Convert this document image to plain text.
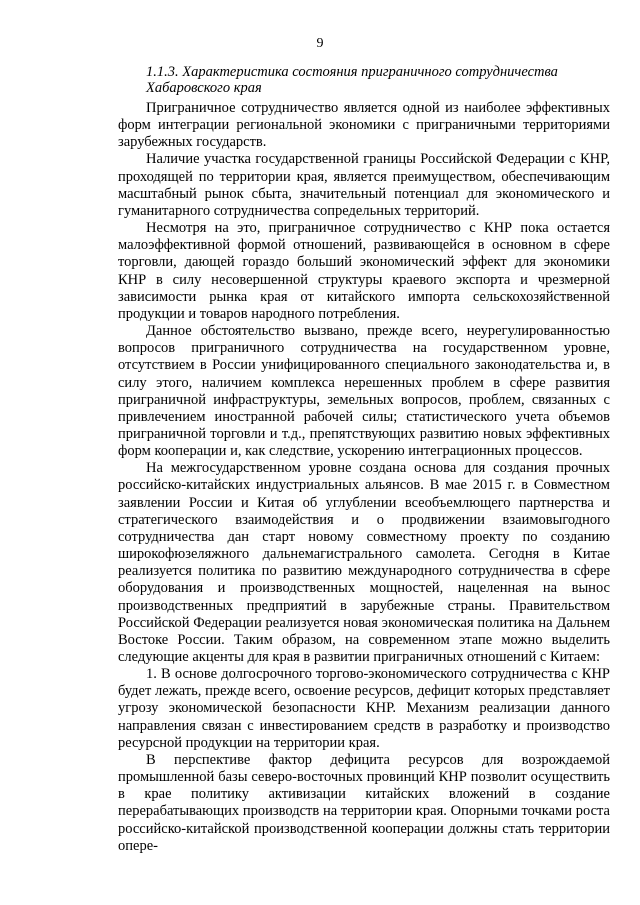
9
1.1.3. Характеристика состояния приграничного сотрудничества Хабаровского края

Приграничное сотрудничество является одной из наиболее эффективных форм интеграции региональной экономики с приграничными территориями зарубежных государств.

Наличие участка государственной границы Российской Федерации с КНР, проходящей по территории края, является преимуществом, обеспечивающим масштабный рынок сбыта, значительный потенциал для экономического и гуманитарного сотрудничества сопредельных территорий.

Несмотря на это, приграничное сотрудничество с КНР пока остается малоэффективной формой отношений, развивающейся в основном в сфере торговли, дающей гораздо больший экономический эффект для экономики КНР в силу несовершенной структуры краевого экспорта и чрезмерной зависимости рынка края от китайского импорта сельскохозяйственной продукции и товаров народного потребления.

Данное обстоятельство вызвано, прежде всего, неурегулированностью вопросов приграничного сотрудничества на государственном уровне, отсутствием в России унифицированного специального законодательства и, в силу этого, наличием комплекса нерешенных проблем в сфере развития приграничной инфраструктуры, земельных вопросов, проблем, связанных с привлечением иностранной рабочей силы; статистического учета объемов приграничной торговли и т.д., препятствующих развитию новых эффективных форм кооперации и, как следствие, ускорению интеграционных процессов.

На межгосударственном уровне создана основа для создания прочных российско-китайских индустриальных альянсов. В мае 2015 г. в Совместном заявлении России и Китая об углублении всеобъемлющего партнерства и стратегического взаимодействия и о продвижении взаимовыгодного сотрудничества дан старт новому совместному проекту по созданию широкофюзеляжного дальнемагистрального самолета. Сегодня в Китае реализуется политика по развитию международного сотрудничества в сфере оборудования и производственных мощностей, нацеленная на вынос производственных предприятий в зарубежные страны. Правительством Российской Федерации реализуется новая экономическая политика на Дальнем Востоке России. Таким образом, на современном этапе можно выделить следующие акценты для края в развитии приграничных отношений с Китаем:

1. В основе долгосрочного торгово-экономического сотрудничества с КНР будет лежать, прежде всего, освоение ресурсов, дефицит которых представляет угрозу экономической безопасности КНР. Механизм реализации данного направления связан с инвестированием средств в разработку и производство ресурсной продукции на территории края.

В перспективе фактор дефицита ресурсов для возрождаемой промышленной базы северо-восточных провинций КНР позволит осуществить в крае политику активизации китайских вложений в создание перерабатывающих производств на территории края. Опорными точками роста российско-китайской производственной кооперации должны стать территории опере-
